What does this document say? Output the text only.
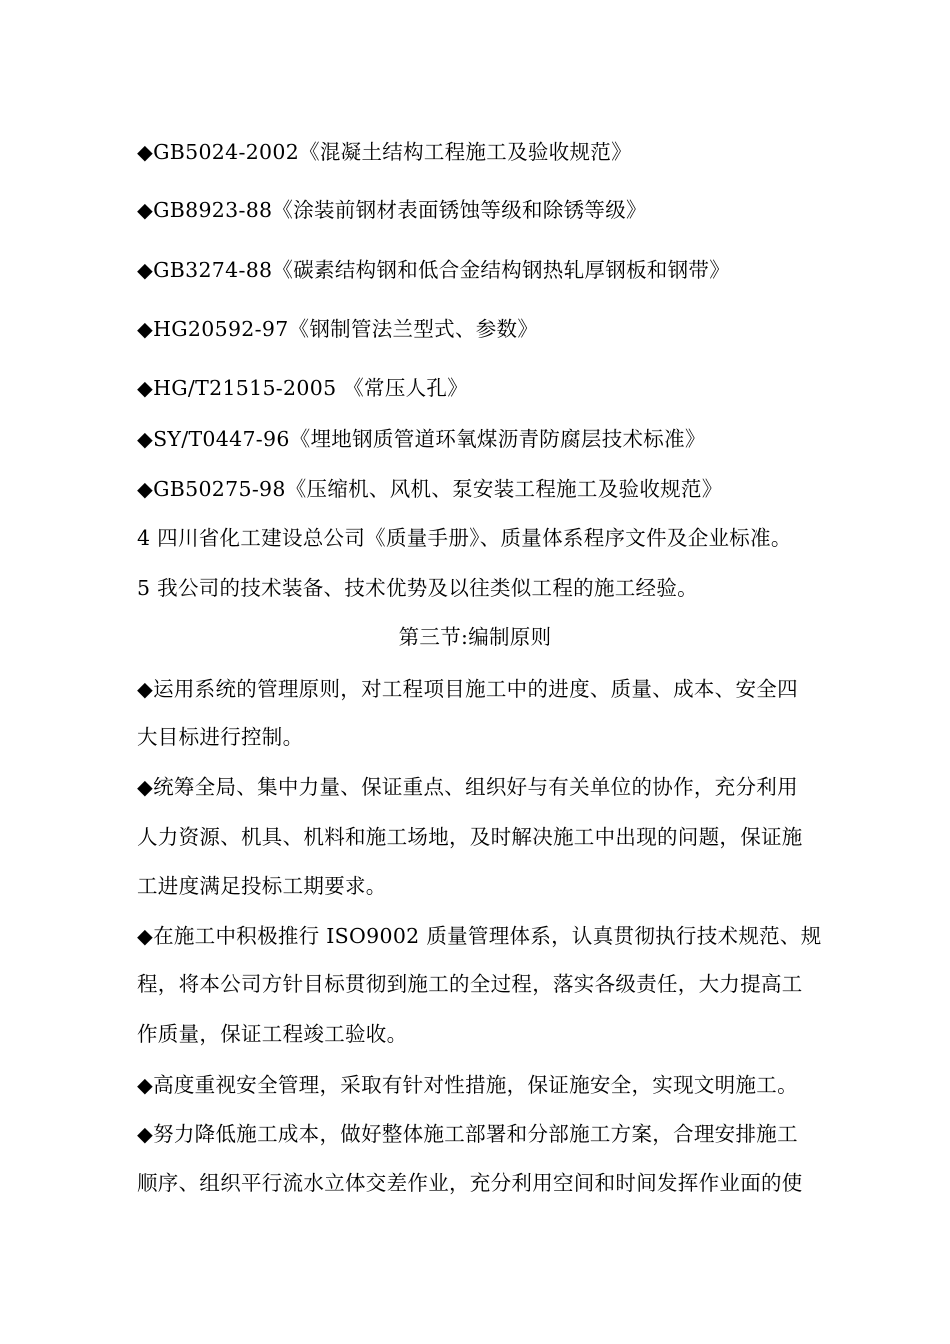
◆GB5024-2002《混凝土结构工程施工及验收规范》
◆GB8923-88《涂装前钢材表面锈蚀等级和除锈等级》
◆GB3274-88《碳素结构钢和低合金结构钢热轧厚钢板和钢带》
◆HG20592-97《钢制管法兰型式、参数》
◆HG/T21515-2005 《常压人孔》
◆SY/T0447-96《埋地钢质管道环氧煤沥青防腐层技术标准》
◆GB50275-98《压缩机、风机、泵安装工程施工及验收规范》
4 四川省化工建设总公司《质量手册》、质量体系程序文件及企业标准。
5 我公司的技术装备、技术优势及以往类似工程的施工经验。
第三节:编制原则
◆运用系统的管理原则，对工程项目施工中的进度、质量、成本、安全四
大目标进行控制。
◆统筹全局、集中力量、保证重点、组织好与有关单位的协作，充分利用
人力资源、机具、机料和施工场地，及时解决施工中出现的问题，保证施
工进度满足投标工期要求。
◆在施工中积极推行 ISO9002 质量管理体系，认真贯彻执行技术规范、规
程，将本公司方针目标贯彻到施工的全过程，落实各级责任，大力提高工
作质量，保证工程竣工验收。
◆高度重视安全管理，采取有针对性措施，保证施安全，实现文明施工。
◆努力降低施工成本，做好整体施工部署和分部施工方案，合理安排施工
顺序、组织平行流水立体交差作业，充分利用空间和时间发挥作业面的使
